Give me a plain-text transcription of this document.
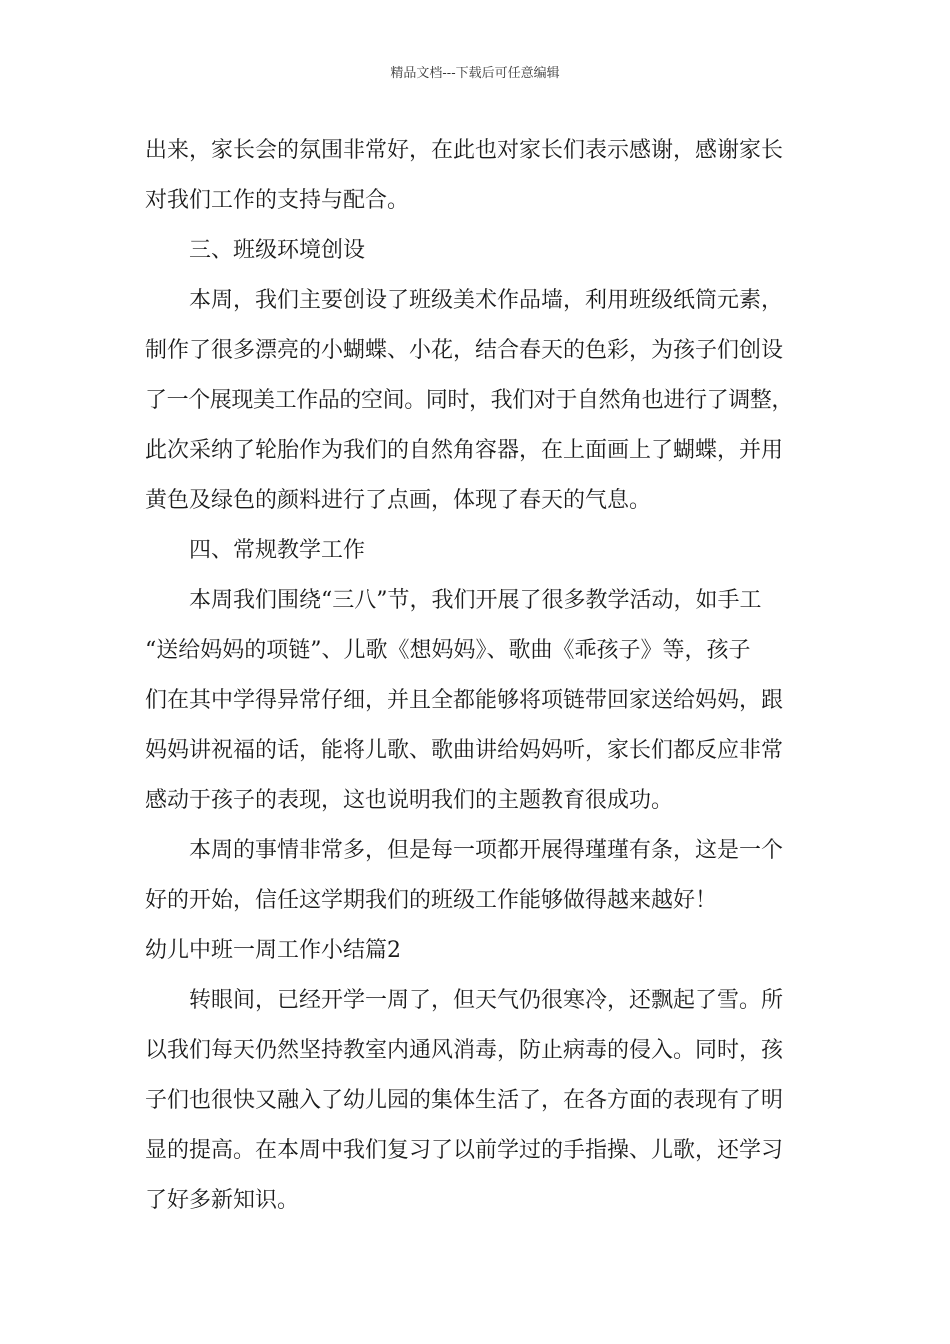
精品文档---下载后可任意编辑
出来，家长会的氛围非常好，在此也对家长们表示感谢，感谢家长
对我们工作的支持与配合。
三、班级环境创设
本周，我们主要创设了班级美术作品墙，利用班级纸筒元素，
制作了很多漂亮的小蝴蝶、小花，结合春天的色彩，为孩子们创设
了一个展现美工作品的空间。同时，我们对于自然角也进行了调整，
此次采纳了轮胎作为我们的自然角容器，在上面画上了蝴蝶，并用
黄色及绿色的颜料进行了点画，体现了春天的气息。
四、常规教学工作
本周我们围绕“三八”节，我们开展了很多教学活动，如手工
“送给妈妈的项链”、儿歌《想妈妈》、歌曲《乖孩子》等，孩子
们在其中学得异常仔细，并且全都能够将项链带回家送给妈妈，跟
妈妈讲祝福的话，能将儿歌、歌曲讲给妈妈听，家长们都反应非常
感动于孩子的表现，这也说明我们的主题教育很成功。
本周的事情非常多，但是每一项都开展得瑾瑾有条，这是一个
好的开始，信任这学期我们的班级工作能够做得越来越好！
幼儿中班一周工作小结篇2
转眼间，已经开学一周了，但天气仍很寒冷，还飘起了雪。所
以我们每天仍然坚持教室内通风消毒，防止病毒的侵入。同时，孩
子们也很快又融入了幼儿园的集体生活了，在各方面的表现有了明
显的提高。在本周中我们复习了以前学过的手指操、儿歌，还学习
了好多新知识。
